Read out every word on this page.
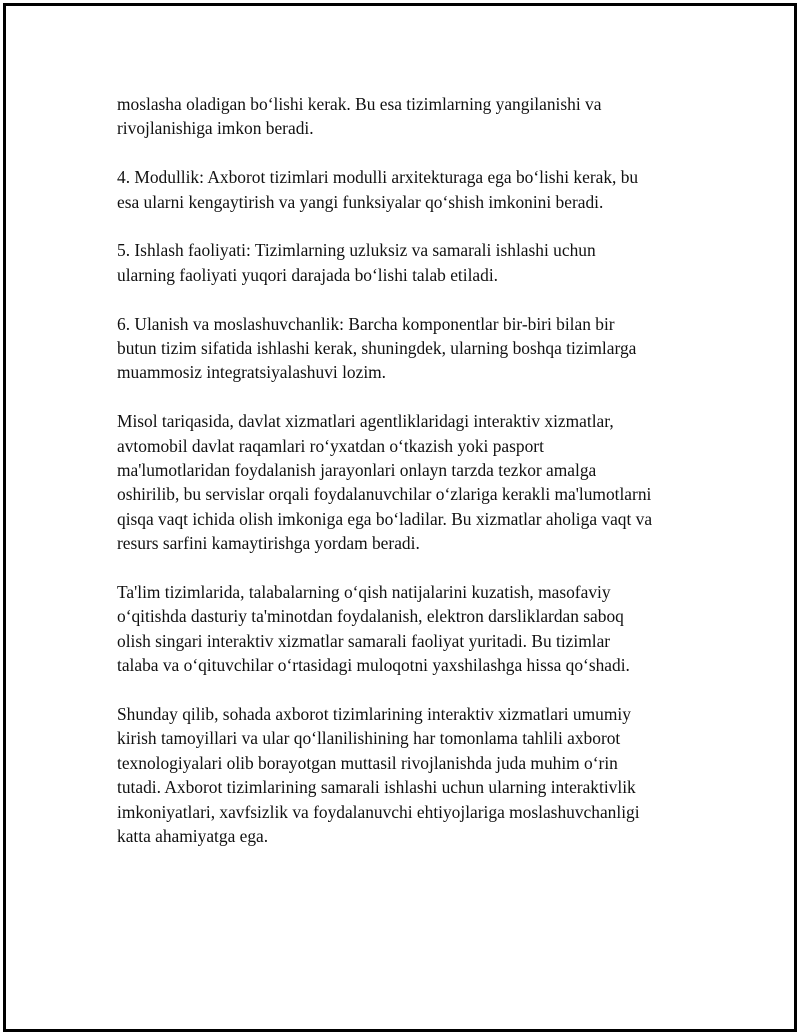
moslasha oladigan bo‘lishi kerak. Bu esa tizimlarning yangilanishi va
rivojlanishiga imkon beradi.

4. Modullik: Axborot tizimlari modulli arxitekturaga ega bo‘lishi kerak, bu
esa ularni kengaytirish va yangi funksiyalar qo‘shish imkonini beradi.

5. Ishlash faoliyati: Tizimlarning uzluksiz va samarali ishlashi uchun
ularning faoliyati yuqori darajada bo‘lishi talab etiladi.

6. Ulanish va moslashuvchanlik: Barcha komponentlar bir-biri bilan bir
butun tizim sifatida ishlashi kerak, shuningdek, ularning boshqa tizimlarga
muammosiz integratsiyalashuvi lozim.

Misol tariqasida, davlat xizmatlari agentliklaridagi interaktiv xizmatlar,
avtomobil davlat raqamlari ro‘yxatdan o‘tkazish yoki pasport
ma'lumotlaridan foydalanish jarayonlari onlayn tarzda tezkor amalga
oshirilib, bu servislar orqali foydalanuvchilar o‘zlariga kerakli ma'lumotlarni
qisqa vaqt ichida olish imkoniga ega bo‘ladilar. Bu xizmatlar aholiga vaqt va
resurs sarfini kamaytirishga yordam beradi.

Ta'lim tizimlarida, talabalarning o‘qish natijalarini kuzatish, masofaviy
o‘qitishda dasturiy ta'minotdan foydalanish, elektron darsliklardan saboq
olish singari interaktiv xizmatlar samarali faoliyat yuritadi. Bu tizimlar
talaba va o‘qituvchilar o‘rtasidagi muloqotni yaxshilashga hissa qo‘shadi.

Shunday qilib, sohada axborot tizimlarining interaktiv xizmatlari umumiy
kirish tamoyillari va ular qo‘llanilishining har tomonlama tahlili axborot
texnologiyalari olib borayotgan muttasil rivojlanishda juda muhim o‘rin
tutadi. Axborot tizimlarining samarali ishlashi uchun ularning interaktivlik
imkoniyatlari, xavfsizlik va foydalanuvchi ehtiyojlariga moslashuvchanligi
katta ahamiyatga ega.
